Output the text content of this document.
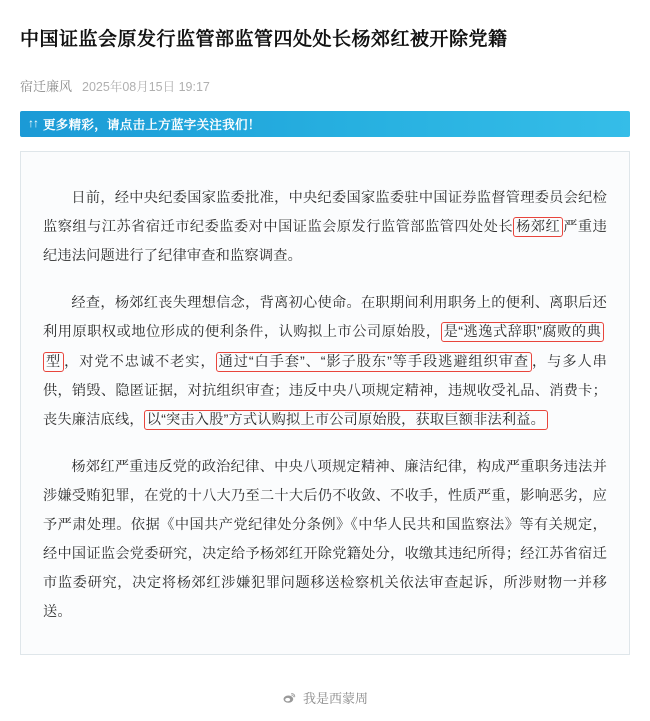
中国证监会原发行监管部监管四处处长杨郊红被开除党籍
宿迁廉风 2025年08月15日 19:17
↑↑ 更多精彩，请点击上方蓝字关注我们！

日前，经中央纪委国家监委批准，中央纪委国家监委驻中国证券监督管理委员会纪检监察组与江苏省宿迁市纪委监委对中国证监会原发行监管部监管四处处长 杨郊红 严重违纪违法问题进行了纪律审查和监察调查。

经查，杨郊红丧失理想信念，背离初心使命。在职期间利用职务上的便利、离职后还利用原职权或地位形成的便利条件，认购拟上市公司原始股， 是“逃逸式辞职”腐败的典型 ，对党不忠诚不老实， 通过“白手套”、“影子股东”等手段逃避组织审查 ，与多人串供，销毁、隐匿证据，对抗组织审查；违反中央八项规定精神，违规收受礼品、消费卡；丧失廉洁底线， 以“突击入股”方式认购拟上市公司原始股，获取巨额非法利益。

杨郊红严重违反党的政治纪律、中央八项规定精神、廉洁纪律，构成严重职务违法并涉嫌受贿犯罪，在党的十八大乃至二十大后仍不收敛、不收手，性质严重，影响恶劣，应予严肃处理。依据《中国共产党纪律处分条例》《中华人民共和国监察法》等有关规定，经中国证监会党委研究，决定给予杨郊红开除党籍处分，收缴其违纪所得；经江苏省宿迁市监委研究，决定将杨郊红涉嫌犯罪问题移送检察机关依法审查起诉，所涉财物一并移送。

我是西蒙周
